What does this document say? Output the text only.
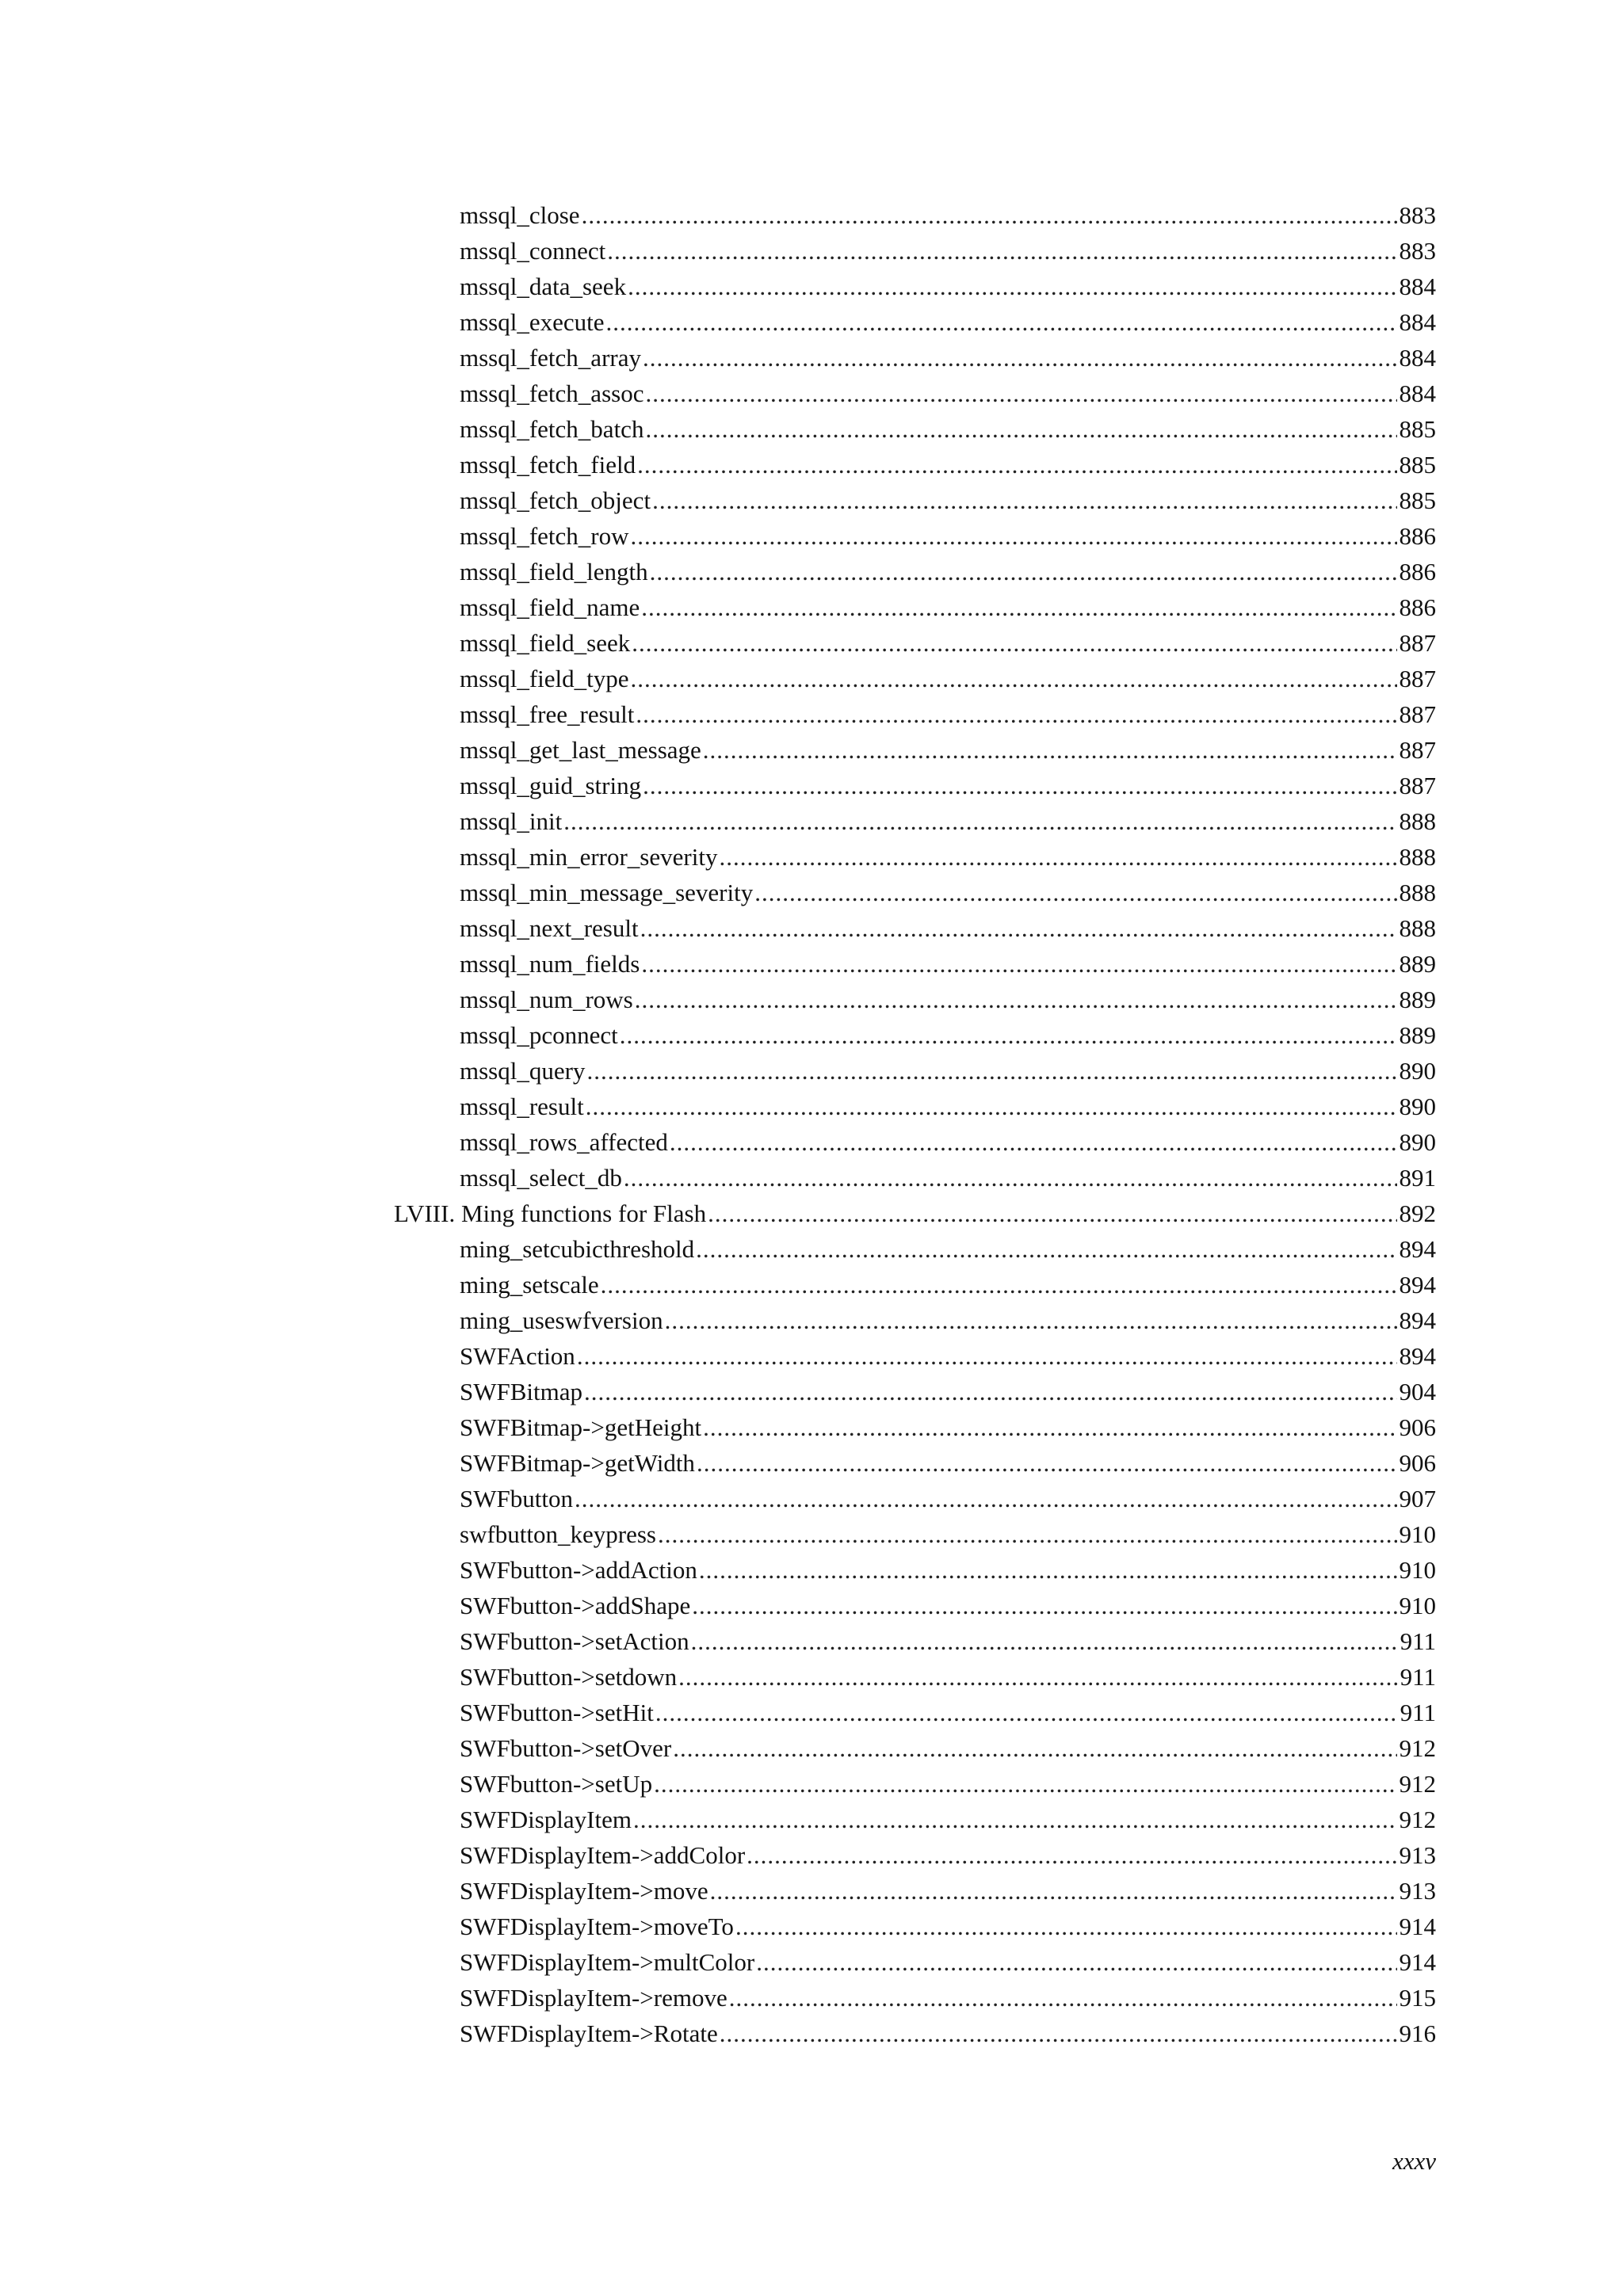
mssql_close .....	883
mssql_connect .....	883
mssql_data_seek .....	884
mssql_execute .....	884
mssql_fetch_array .....	884
mssql_fetch_assoc .....	884
mssql_fetch_batch .....	885
mssql_fetch_field .....	885
mssql_fetch_object .....	885
mssql_fetch_row .....	886
mssql_field_length .....	886
mssql_field_name .....	886
mssql_field_seek .....	887
mssql_field_type .....	887
mssql_free_result .....	887
mssql_get_last_message .....	887
mssql_guid_string .....	887
mssql_init .....	888
mssql_min_error_severity .....	888
mssql_min_message_severity .....	888
mssql_next_result .....	888
mssql_num_fields .....	889
mssql_num_rows .....	889
mssql_pconnect .....	889
mssql_query .....	890
mssql_result .....	890
mssql_rows_affected .....	890
mssql_select_db .....	891
LVIII. Ming functions for Flash .....	892
ming_setcubicthreshold .....	894
ming_setscale .....	894
ming_useswfversion .....	894
SWFAction .....	894
SWFBitmap .....	904
SWFBitmap->getHeight .....	906
SWFBitmap->getWidth .....	906
SWFbutton .....	907
swfbutton_keypress .....	910
SWFbutton->addAction .....	910
SWFbutton->addShape .....	910
SWFbutton->setAction .....	911
SWFbutton->setdown .....	911
SWFbutton->setHit .....	911
SWFbutton->setOver .....	912
SWFbutton->setUp .....	912
SWFDisplayItem .....	912
SWFDisplayItem->addColor .....	913
SWFDisplayItem->move .....	913
SWFDisplayItem->moveTo .....	914
SWFDisplayItem->multColor .....	914
SWFDisplayItem->remove .....	915
SWFDisplayItem->Rotate .....	916
xxxv
